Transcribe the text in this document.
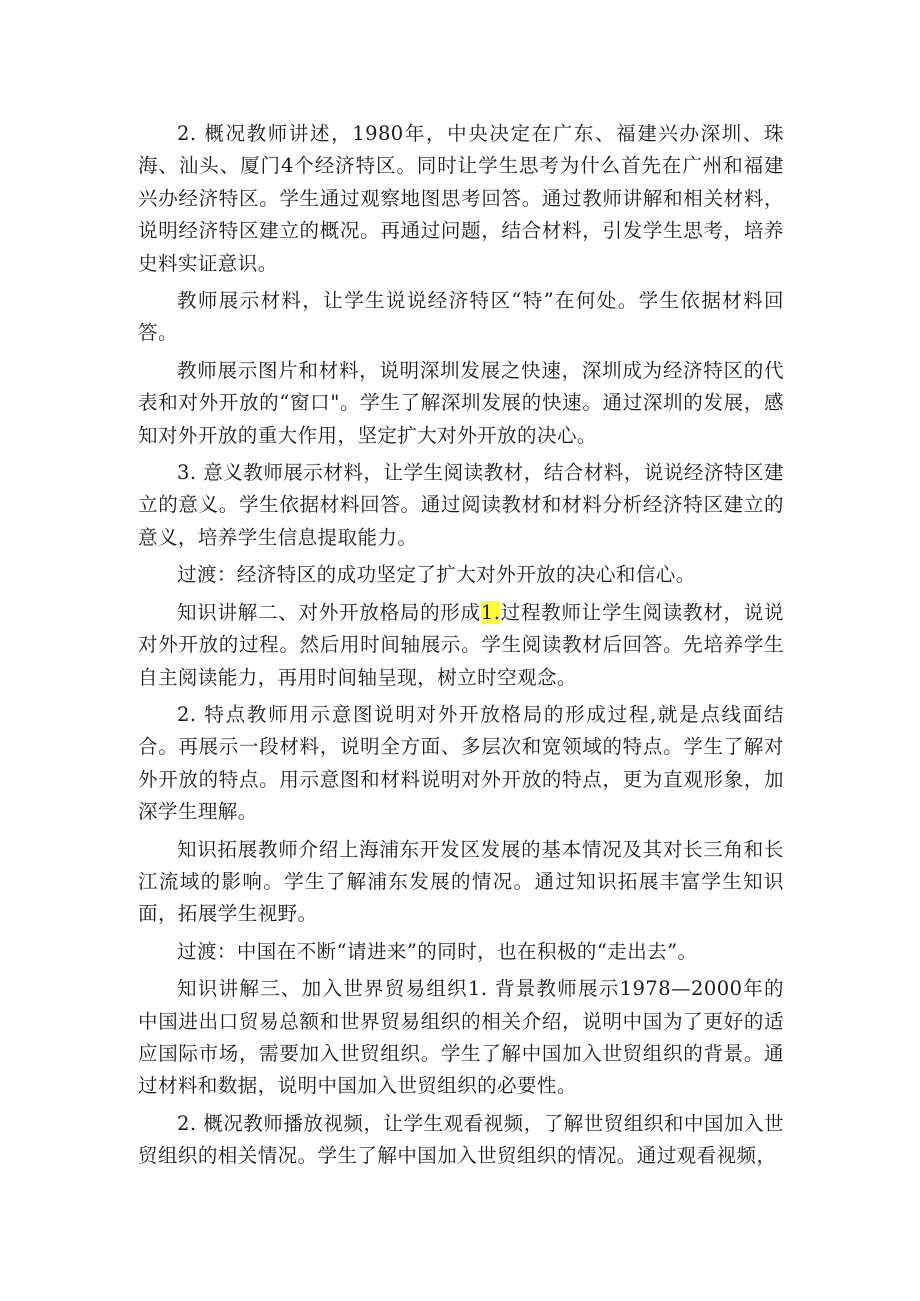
2. 概况教师讲述，1980年，中央决定在广东、福建兴办深圳、珠海、汕头、厦门4个经济特区。同时让学生思考为什么首先在广州和福建兴办经济特区。学生通过观察地图思考回答。通过教师讲解和相关材料，说明经济特区建立的概况。再通过问题，结合材料，引发学生思考，培养史料实证意识。

教师展示材料，让学生说说经济特区“特”在何处。学生依据材料回答。

教师展示图片和材料，说明深圳发展之快速，深圳成为经济特区的代表和对外开放的“窗口"。学生了解深圳发展的快速。通过深圳的发展，感知对外开放的重大作用，坚定扩大对外开放的决心。

3. 意义教师展示材料，让学生阅读教材，结合材料，说说经济特区建立的意义。学生依据材料回答。通过阅读教材和材料分析经济特区建立的意义，培养学生信息提取能力。

过渡：经济特区的成功坚定了扩大对外开放的决心和信心。

知识讲解二、对外开放格局的形成1.过程教师让学生阅读教材，说说对外开放的过程。然后用时间轴展示。学生阅读教材后回答。先培养学生自主阅读能力，再用时间轴呈现，树立时空观念。

2. 特点教师用示意图说明对外开放格局的形成过程,就是点线面结合。再展示一段材料，说明全方面、多层次和宽领域的特点。学生了解对外开放的特点。用示意图和材料说明对外开放的特点，更为直观形象，加深学生理解。

知识拓展教师介绍上海浦东开发区发展的基本情况及其对长三角和长江流域的影响。学生了解浦东发展的情况。通过知识拓展丰富学生知识面，拓展学生视野。

过渡：中国在不断“请进来”的同时，也在积极的“走出去”。

知识讲解三、加入世界贸易组织1. 背景教师展示1978—2000年的中国进出口贸易总额和世界贸易组织的相关介绍，说明中国为了更好的适应国际市场，需要加入世贸组织。学生了解中国加入世贸组织的背景。通过材料和数据，说明中国加入世贸组织的必要性。

2. 概况教师播放视频，让学生观看视频，了解世贸组织和中国加入世贸组织的相关情况。学生了解中国加入世贸组织的情况。通过观看视频，
